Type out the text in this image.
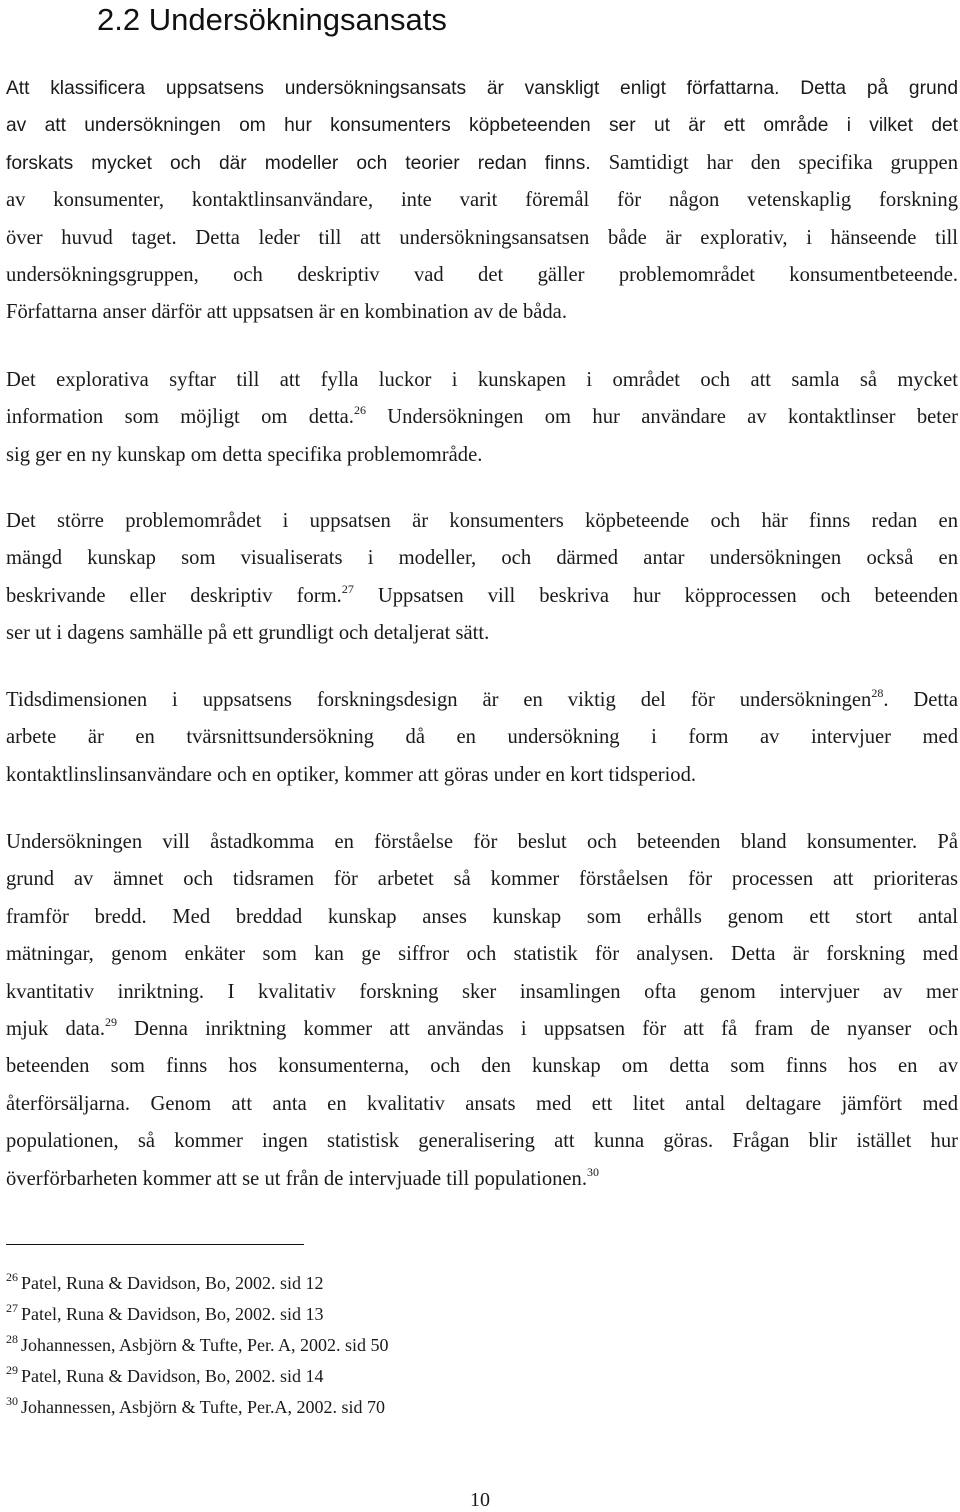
2.2 Undersökningsansats
Att klassificera uppsatsens undersökningsansats är vanskligt enligt författarna. Detta på grund
av att undersökningen om hur konsumenters köpbeteenden ser ut är ett område i vilket det
forskats mycket och där modeller och teorier redan finns. Samtidigt har den specifika gruppen
av konsumenter, kontaktlinsanvändare, inte varit föremål för någon vetenskaplig forskning
över huvud taget. Detta leder till att undersökningsansatsen både är explorativ, i hänseende till
undersökningsgruppen, och deskriptiv vad det gäller problemområdet konsumentbeteende.
Författarna anser därför att uppsatsen är en kombination av de båda.
Det explorativa syftar till att fylla luckor i kunskapen i området och att samla så mycket
information som möjligt om detta.$^{26}$ Undersökningen om hur användare av kontaktlinser beter
sig ger en ny kunskap om detta specifika problemområde.
Det större problemområdet i uppsatsen är konsumenters köpbeteende och här finns redan en
mängd kunskap som visualiserats i modeller, och därmed antar undersökningen också en
beskrivande eller deskriptiv form.$^{27}$ Uppsatsen vill beskriva hur köpprocessen och beteenden
ser ut i dagens samhälle på ett grundligt och detaljerat sätt.
Tidsdimensionen i uppsatsens forskningsdesign är en viktig del för undersökningen$^{28}$. Detta
arbete är en tvärsnittsundersökning då en undersökning i form av intervjuer med
kontaktlinslinsanvändare och en optiker, kommer att göras under en kort tidsperiod.
Undersökningen vill åstadkomma en förståelse för beslut och beteenden bland konsumenter. På
grund av ämnet och tidsramen för arbetet så kommer förståelsen för processen att prioriteras
framför bredd. Med breddad kunskap anses kunskap som erhålls genom ett stort antal
mätningar, genom enkäter som kan ge siffror och statistik för analysen. Detta är forskning med
kvantitativ inriktning. I kvalitativ forskning sker insamlingen ofta genom intervjuer av mer
mjuk data.$^{29}$ Denna inriktning kommer att användas i uppsatsen för att få fram de nyanser och
beteenden som finns hos konsumenterna, och den kunskap om detta som finns hos en av
återförsäljarna. Genom att anta en kvalitativ ansats med ett litet antal deltagare jämfört med
populationen, så kommer ingen statistisk generalisering att kunna göras. Frågan blir istället hur
överförbarheten kommer att se ut från de intervjuade till populationen.$^{30}$
$^{26}$ Patel, Runa & Davidson, Bo, 2002. sid 12
$^{27}$ Patel, Runa & Davidson, Bo, 2002. sid 13
$^{28}$ Johannessen, Asbjörn & Tufte, Per. A, 2002. sid 50
$^{29}$ Patel, Runa & Davidson, Bo, 2002. sid 14
$^{30}$ Johannessen, Asbjörn & Tufte, Per.A, 2002. sid 70
10
